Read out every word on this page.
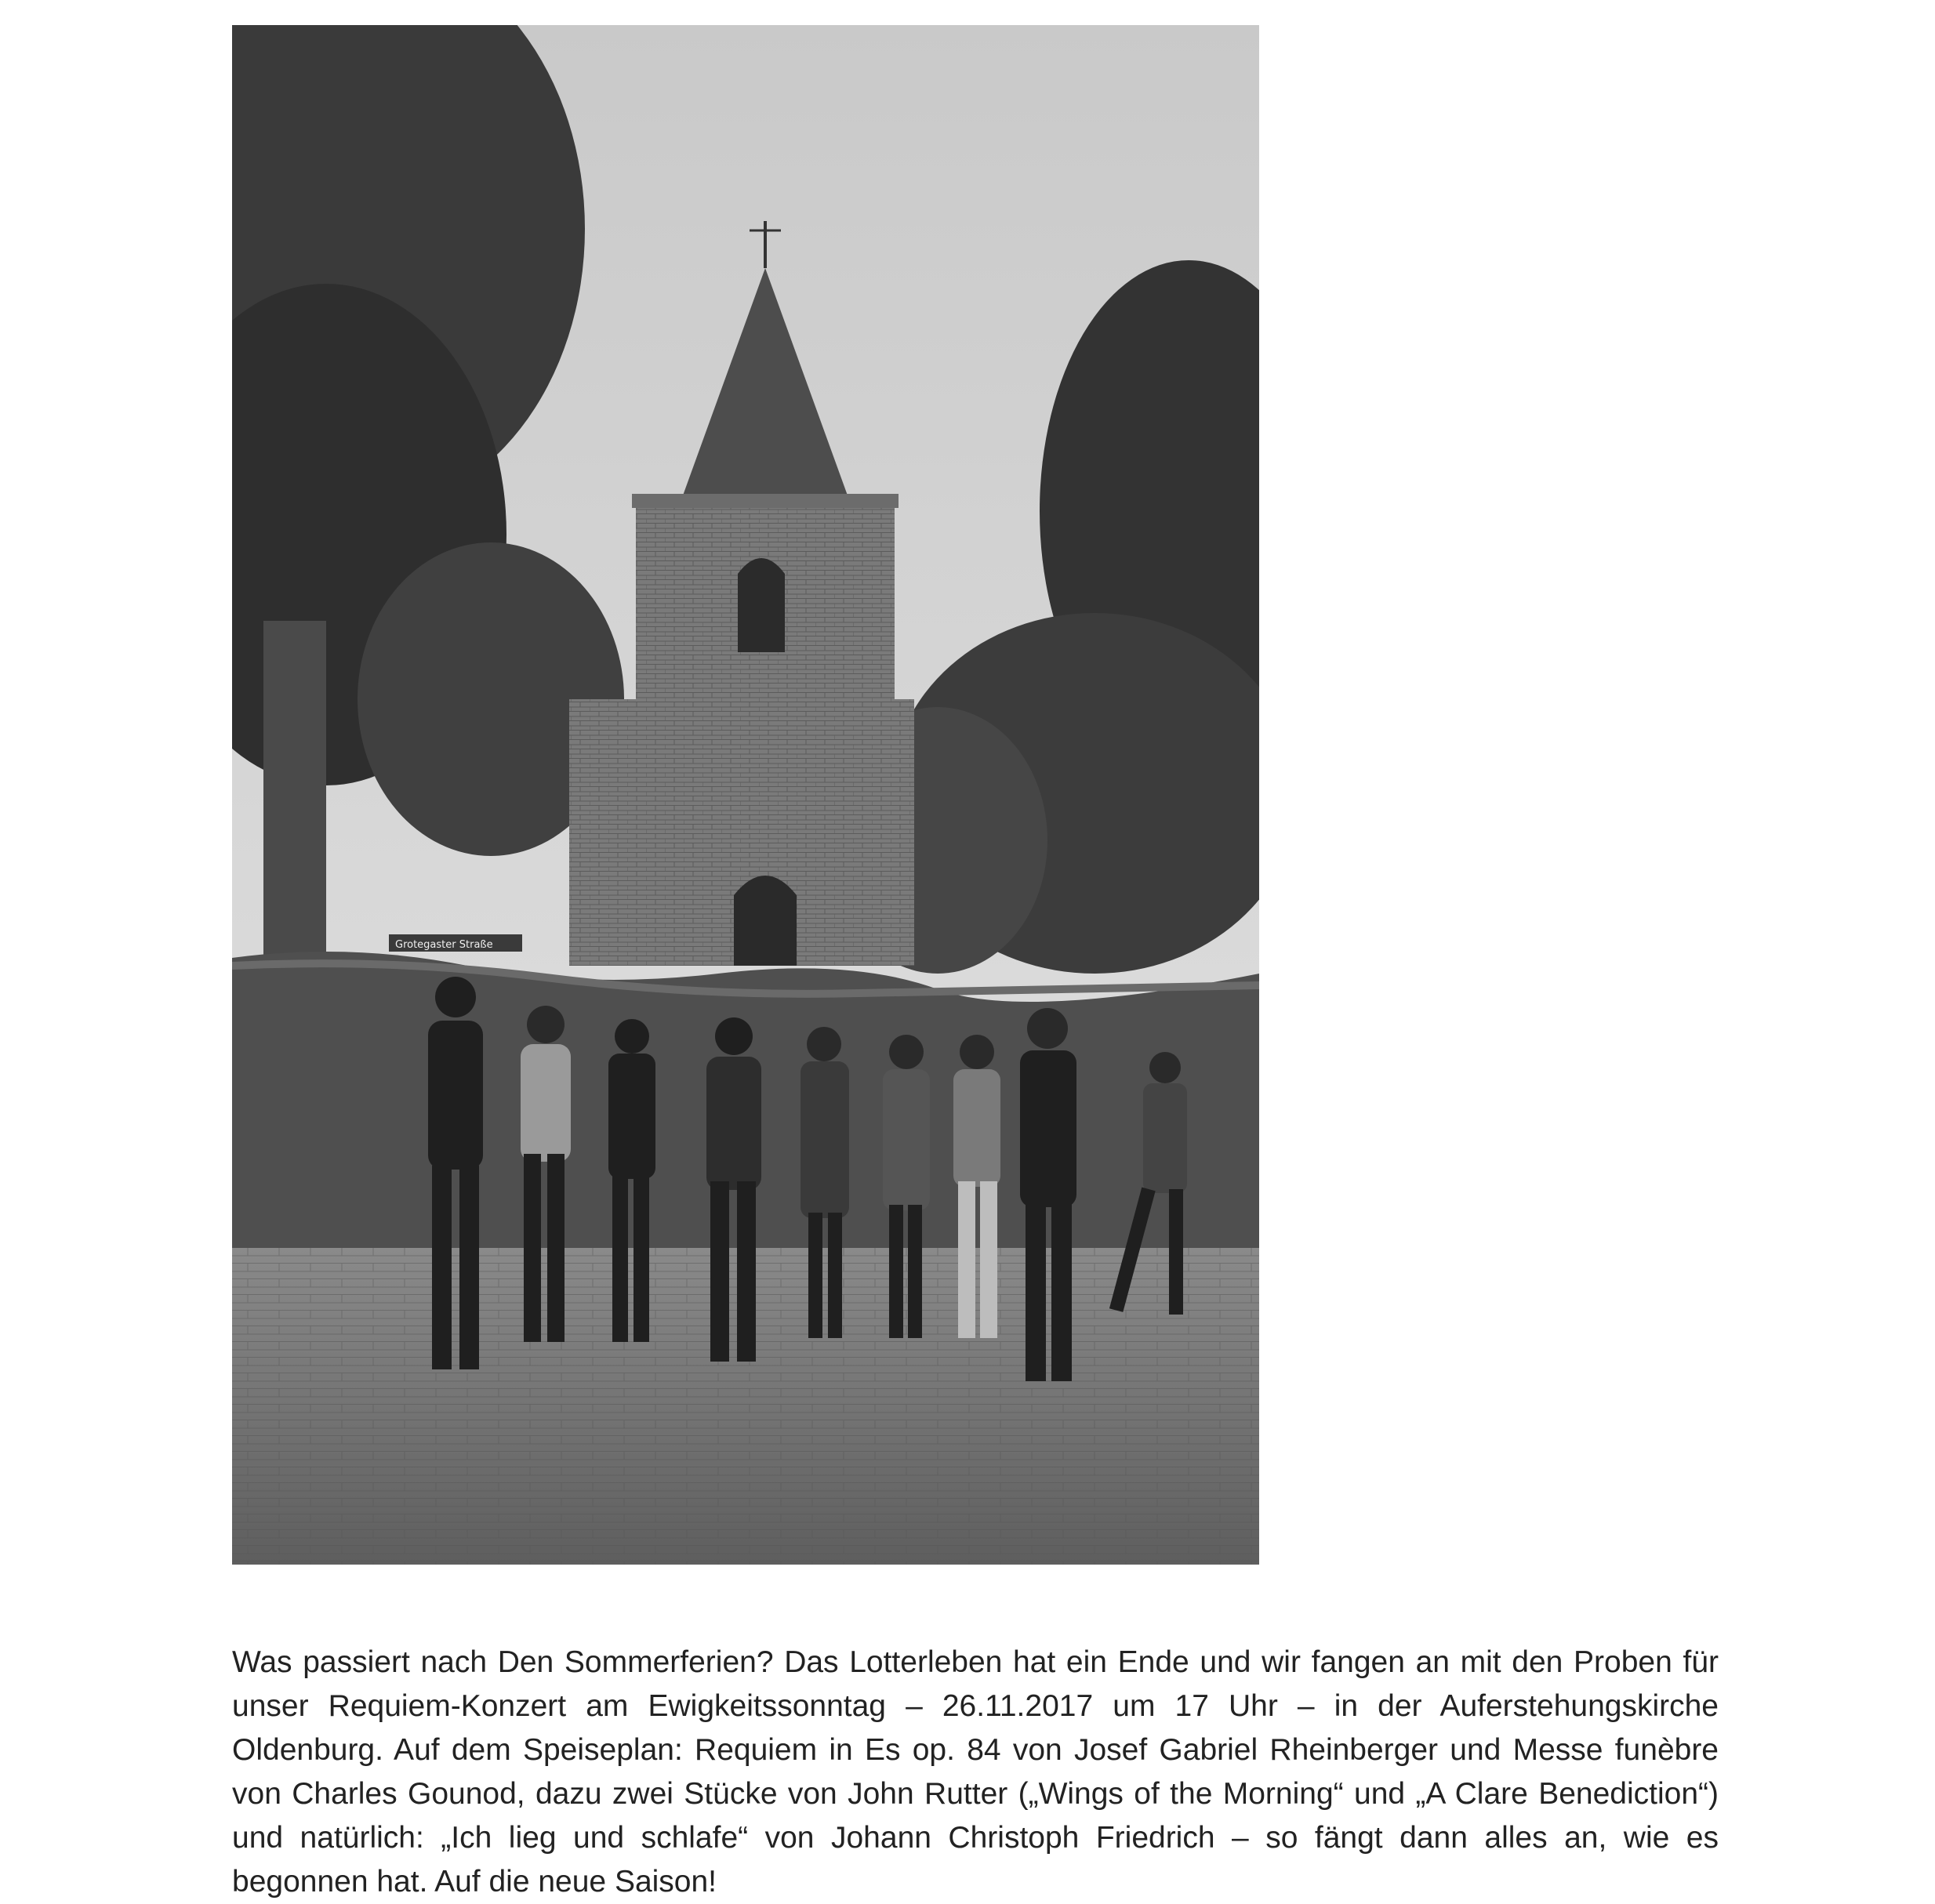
Grotegaster Straße

Was passiert nach Den Sommerferien? Das Lotterleben hat ein Ende und wir fangen an mit den Proben für unser Requiem-Konzert am Ewigkeitssonntag – 26.11.2017 um 17 Uhr – in der Auferstehungskirche Oldenburg. Auf dem Speiseplan: Requiem in Es op. 84 von Josef Gabriel Rheinberger und Messe funèbre von Charles Gounod, dazu zwei Stücke von John Rutter („Wings of the Morning“ und „A Clare Benediction“) und natürlich: „Ich lieg und schlafe“ von Johann Christoph Friedrich – so fängt dann alles an, wie es begonnen hat. Auf die neue Saison!
